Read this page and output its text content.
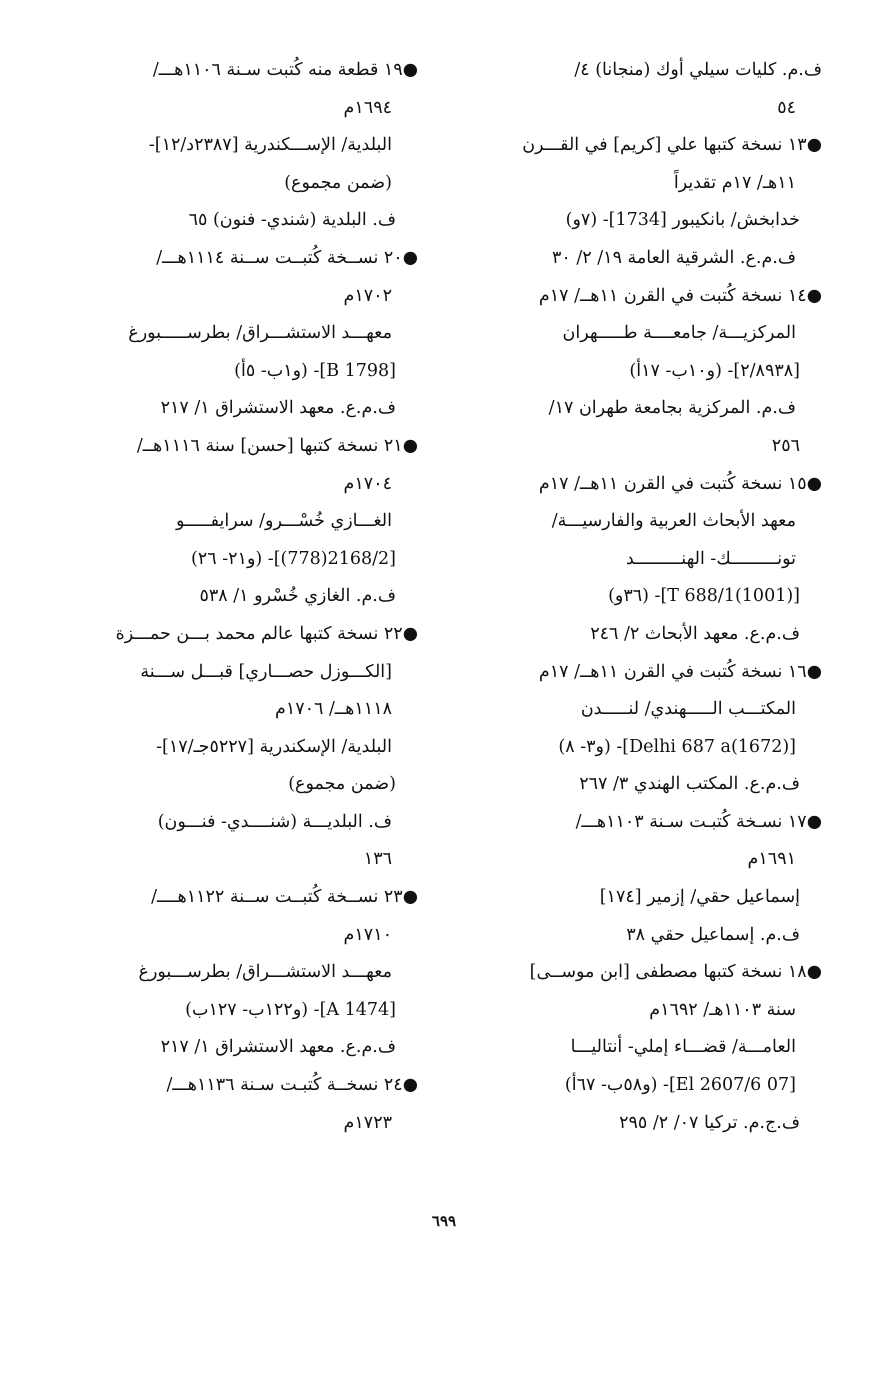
ف.م. كليات سيلي أوك (منجانا) ٤/
٥٤
●١٣ نسخة كتبها علي [كريم] في القـــرن
١١هـ/ ١٧م تقديراً
خدابخش/ بانكيبور [1734]- (٧و)
ف.م.ع. الشرقية العامة ١٩/ ٢/ ٣٠
●١٤ نسخة كُتبت في القرن ١١هــ/ ١٧م
المركزيـــة/ جامعــــة طـــــهران
[٢/٨٩٣٨]- (و١٠ب- ١٧أ)
ف.م. المركزية بجامعة طهران ١٧/
٢٥٦
●١٥ نسخة كُتبت في القرن ١١هــ/ ١٧م
معهد الأبحاث العربية والفارسيـــة/
تونـــــــــك- الهنـــــــــد
[(1001)T 688/1]- (٣٦و)
ف.م.ع. معهد الأبحاث ٢/ ٢٤٦
●١٦ نسخة كُتبت في القرن ١١هــ/ ١٧م
المكتـــب الـــــهندي/ لنـــــدن
[(1672)Delhi 687 a]- (و٣- ٨)
ف.م.ع. المكتب الهندي ٣/ ٢٦٧
●١٧ نسـخة كُتبـت سـنة ١١٠٣هـــ/
١٦٩١م
إسماعيل حقي/ إزمير [١٧٤]
ف.م. إسماعيل حقي ٣٨
●١٨ نسخة كتبها مصطفى [ابن موســى]
سنة ١١٠٣هـ/ ١٦٩٢م
العامـــة/ قضـــاء إملي- أنتاليـــا
[07 El 2607/6]- (و٥٨ب- ٦٧أ)
ف.ج.م. تركيا ٠٧/ ٢/ ٢٩٥
●١٩ قطعة منه كُتبت سـنة ١١٠٦هـــ/
١٦٩٤م
البلدية/ الإســـكندرية [٢٣٨٧د/١٢]-
(ضمن مجموع)
ف. البلدية (شندي- فنون) ٦٥
●٢٠ نســخة كُتبــت ســنة ١١١٤هـــ/
١٧٠٢م
معهـــد الاستشـــراق/ بطرســـــبورغ
[B 1798]- (و١ب- ٥أ)
ف.م.ع. معهد الاستشراق ١/ ٢١٧
●٢١ نسخة كتبها [حسن] سنة ١١١٦هــ/
١٧٠٤م
الغـــازي خُسْـــرو/ سرايفـــــو
[2168/2(778)]- (و٢١- ٢٦)
ف.م. الغازي خُسْرو ١/ ٥٣٨
●٢٢ نسخة كتبها عالم محمد بـــن حمـــزة
[الكـــوزل حصـــاري] قبـــل ســـنة
١١١٨هــ/ ١٧٠٦م
البلدية/ الإسكندرية [٥٢٢٧جـ/١٧]-
(ضمن مجموع)
ف. البلديـــة (شنــــدي- فنـــون)
١٣٦
●٢٣ نســخة كُتبــت ســنة ١١٢٢هــــ/
١٧١٠م
معهـــد الاستشـــراق/ بطرســـبورغ
[A 1474]- (و١٢٢ب- ١٢٧ب)
ف.م.ع. معهد الاستشراق ١/ ٢١٧
●٢٤ نسخــة كُتبـت سـنة ١١٣٦هـــ/
١٧٢٣م
٦٩٩
